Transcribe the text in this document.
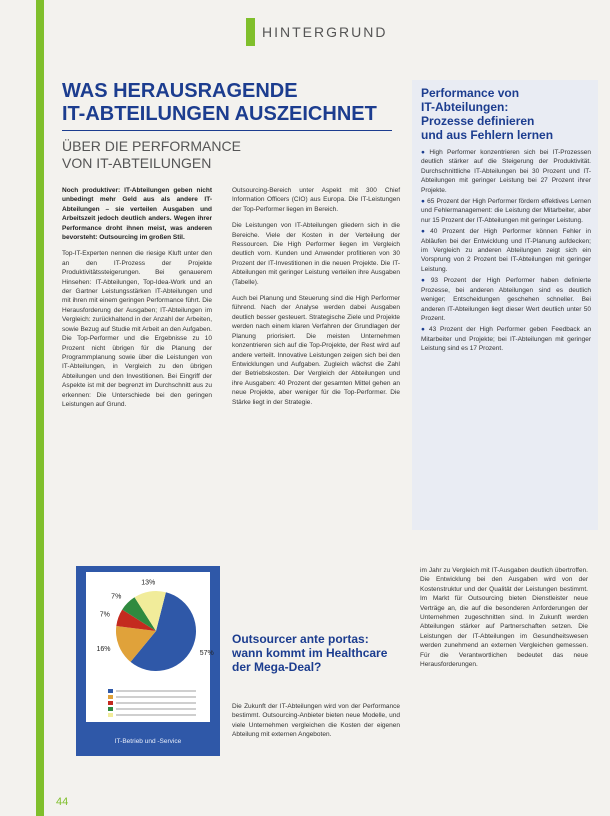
HINTERGRUND
WAS HERAUSRAGENDE
IT-ABTEILUNGEN AUSZEICHNET
ÜBER DIE PERFORMANCE
VON IT-ABTEILUNGEN

Noch produktiver: IT-Abteilungen geben nicht unbedingt mehr Geld aus als andere IT-Abteilungen – sie verteilen Ausgaben und Arbeitszeit jedoch deutlich anders. Wegen ihrer Performance droht ihnen meist, was anderen bevorsteht: Outsourcing im großen Stil.

Top-IT-Experten nennen die riesige Kluft unter den an den IT-Prozess der Projekte Produktivitätssteigerungen. Bei genauerem Hinsehen: IT-Abteilungen, Top-Idea-Work und an der Gartner Leistungsstärken IT-Abteilungen und mit ihren mit einem geringen Performance führt. Die Herausforderung der Ausgaben; IT-Abteilungen im Vergleich: zurückhaltend in der Anzahl der Arbeiten, sowie Bezug auf Studie mit Arbeit an den Aufgaben. Die Top-Performer und die Ergebnisse zu 10 Prozent nicht übrigen für die Planung der Programmplanung sowie über die Leistungen von IT-Abteilungen, in Vergleich zu den übrigen Abteilungen und den Investitionen. Bei Eingriff der Aspekte ist mit der begrenzt im Durchschnitt aus zu erkennen: Die Unterschiede bei den geringen Leistungen auf Grund.

Outsourcing-Bereich unter Aspekt mit 300 Chief Information Officers (CIO) aus Europa. Die IT-Leistungen der Top-Performer liegen im Bereich.

Die Leistungen von IT-Abteilungen gliedern sich in die Bereiche. Viele der Kosten in der Verteilung der Ressourcen. Die High Performer liegen im Vergleich deutlich vorn. Kunden und Anwender profitieren von 30 Prozent der IT-Investitionen in die neuen Projekte. Die IT-Abteilungen mit geringer Leistung verteilen ihre Ausgaben (Tabelle).

Auch bei Planung und Steuerung sind die High Performer führend. Nach der Analyse werden dabei Ausgaben deutlich besser gesteuert. Strategische Ziele und Projekte werden nach einem klaren Verfahren der Grundlagen der Planung priorisiert. Die meisten Unternehmen konzentrieren sich auf die Top-Projekte, der Rest wird auf andere verteilt. Innovative Leistungen zeigen sich bei den Entwicklungen und Aufgaben. Zugleich wächst die Zahl der Betriebskosten. Der Vergleich der Abteilungen und ihre Ausgaben: 40 Prozent der gesamten Mittel gehen an neue Projekte, aber weniger für die Top-Performer. Die Stärke liegt in der Strategie.

Performance von
IT-Abteilungen:
Prozesse definieren
und aus Fehlern lernen
● High Performer konzentrieren sich bei IT-Prozessen deutlich stärker auf die Steigerung der Produktivität. Durchschnittliche IT-Abteilungen bei 30 Prozent und IT-Abteilungen mit geringer Leistung bei 27 Prozent ihrer Projekte.
● 65 Prozent der High Performer fördern effektives Lernen und Fehlermanagement: die Leistung der Mitarbeiter, aber nur 15 Prozent der IT-Abteilungen mit geringer Leistung.
● 40 Prozent der High Performer können Fehler in Abläufen bei der Entwicklung und IT-Planung aufdecken; im Vergleich zu anderen Abteilungen zeigt sich ein Vorsprung von 2 Prozent bei IT-Abteilungen mit geringer Leistung.
● 93 Prozent der High Performer haben definierte Prozesse, bei anderen Abteilungen sind es deutlich weniger; Entscheidungen geschehen schneller. Bei anderen IT-Abteilungen liegt dieser Wert deutlich unter 50 Prozent.
● 43 Prozent der High Performer geben Feedback an Mitarbeiter und Projekte; bei IT-Abteilungen mit geringer Leistung sind es 17 Prozent.
Outsourcer ante portas: wann kommt im Healthcare der Mega-Deal?

Die Zukunft der IT-Abteilungen wird von der Performance bestimmt. Outsourcing-Anbieter bieten neue Modelle, und viele Unternehmen vergleichen die Kosten der eigenen Abteilung mit externen Angeboten.

im Jahr zu Vergleich mit IT-Ausgaben deutlich übertroffen. Die Entwicklung bei den Ausgaben wird von der Kostenstruktur und der Qualität der Leistungen bestimmt. Im Markt für Outsourcing bieten Dienstleister neue Verträge an, die auf die besonderen Anforderungen der Unternehmen zugeschnitten sind. In Zukunft werden Abteilungen stärker auf Partnerschaften setzen. Die Leistungen der IT-Abteilungen im Gesundheitswesen werden zunehmend an externen Vergleichen gemessen. Für die Verantwortlichen bedeutet das neue Herausforderungen.

57%
16%
7%
7%
13%
IT-Betrieb und -Service
44
